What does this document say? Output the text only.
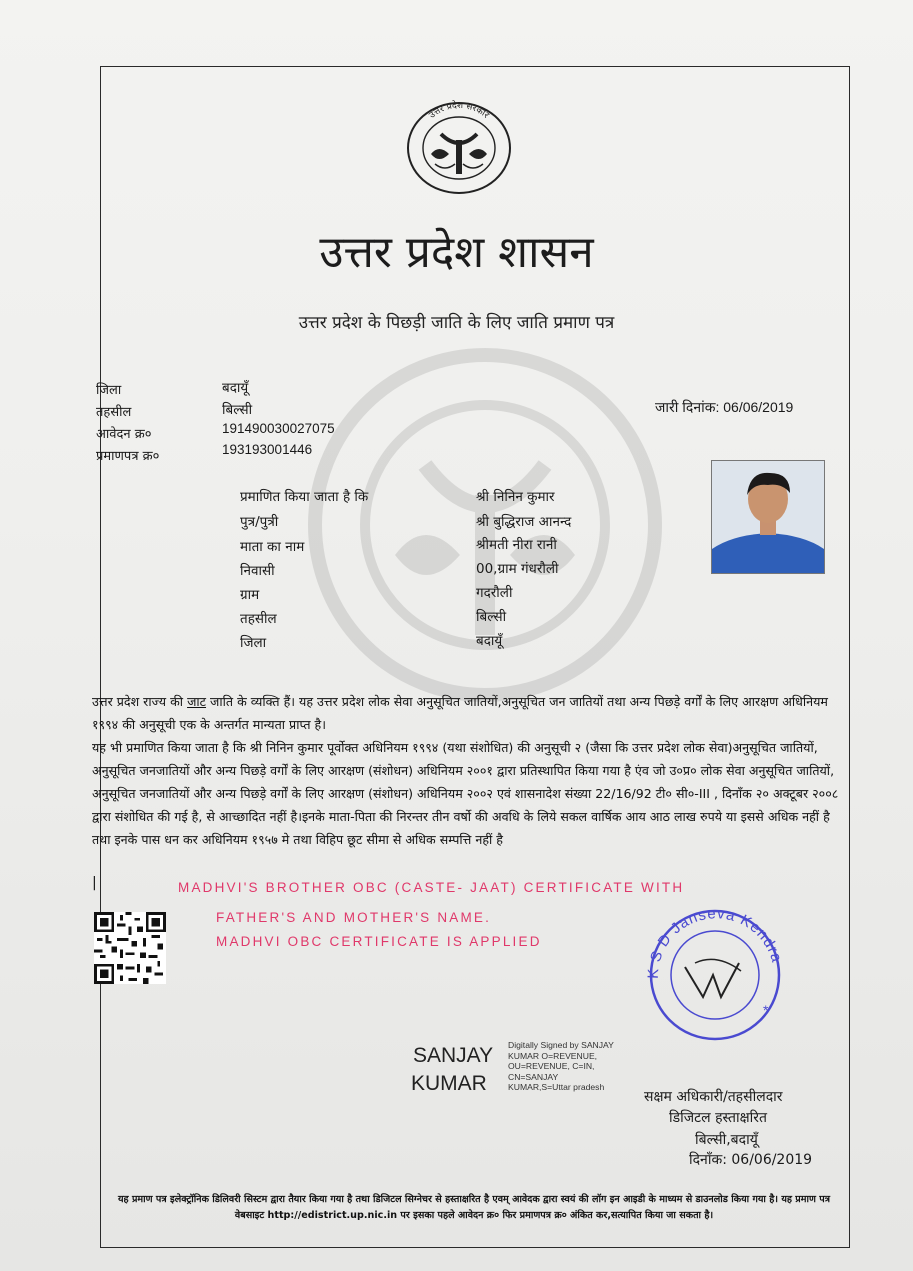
उत्तर प्रदेश सरकार
उत्तर प्रदेश शासन
उत्तर प्रदेश के पिछड़ी जाति के लिए जाति प्रमाण पत्र
जिला	बदायूँ
तहसील	बिल्सी
आवेदन क्र०	191490030027075
प्रमाणपत्र क्र०	193193001446
जारी दिनांक: 06/06/2019
प्रमाणित किया जाता है कि	श्री निनिन कुमार
पुत्र/पुत्री	श्री बुद्धिराज आनन्द
माता का नाम	श्रीमती नीरा रानी
निवासी	00,ग्राम गंधरौली
ग्राम	गदरौली
तहसील	बिल्सी
जिला	बदायूँ

उत्तर प्रदेश राज्य की जाट जाति के व्यक्ति हैं। यह उत्तर प्रदेश लोक सेवा अनुसूचित जातियों,अनुसूचित जन जातियों तथा अन्य पिछड़े वर्गों के लिए आरक्षण अधिनियम १९९४ की अनुसूची एक के अन्तर्गत मान्यता प्राप्त है।

यह भी प्रमाणित किया जाता है कि श्री निनिन कुमार पूर्वोक्त अधिनियम १९९४ (यथा संशोधित) की अनुसूची २ (जैसा कि उत्तर प्रदेश लोक सेवा)अनुसूचित जातियों, अनुसूचित जनजातियों और अन्य पिछड़े वर्गों के लिए आरक्षण (संशोधन) अधिनियम २००१ द्वारा प्रतिस्थापित किया गया है एंव जो उ०प्र० लोक सेवा अनुसूचित जातियों, अनुसूचित जनजातियों और अन्य पिछड़े वर्गों के लिए आरक्षण (संशोधन) अधिनियम २००२ एवं शासनादेश संख्या 22/16/92 टी० सी०-III , दिनाँक २० अक्टूबर २००८ द्वारा संशोधित की गई है, से आच्छादित नहीं है।इनके माता-पिता की निरन्तर तीन वर्षो की अवधि के लिये सकल वार्षिक आय आठ लाख रुपये या इससे अधिक नहीं है तथा इनके पास धन कर अधिनियम १९५७ मे तथा विहिप छूट सीमा से अधिक सम्पत्ति नहीं है

|	MADHVI'S BROTHER OBC (CASTE- JAAT) CERTIFICATE WITH
FATHER'S AND MOTHER'S NAME.
MADHVI OBC CERTIFICATE IS APPLIED
K S D Janseva Kendra
*
SANJAY
KUMAR
Digitally Signed by SANJAY KUMAR O=REVENUE, OU=REVENUE, C=IN, CN=SANJAY KUMAR,S=Uttar pradesh
सक्षम अधिकारी/तहसीलदार
डिजिटल हस्ताक्षरित
बिल्सी,बदायूँ
दिनाँक: 06/06/2019
यह प्रमाण पत्र इलेक्ट्रॉनिक डिलिवरी सिस्टम द्वारा तैयार किया गया है तथा डिजिटल सिग्नेचर से हस्ताक्षरित है एवम् आवेदक द्वारा स्वयं की लॉग इन आइडी के माध्यम से डाउनलोड किया गया है। यह प्रमाण पत्र वेबसाइट http://edistrict.up.nic.in पर इसका पहले आवेदन क्र० फिर प्रमाणपत्र क्र० अंकित कर,सत्यापित किया जा सकता है।
